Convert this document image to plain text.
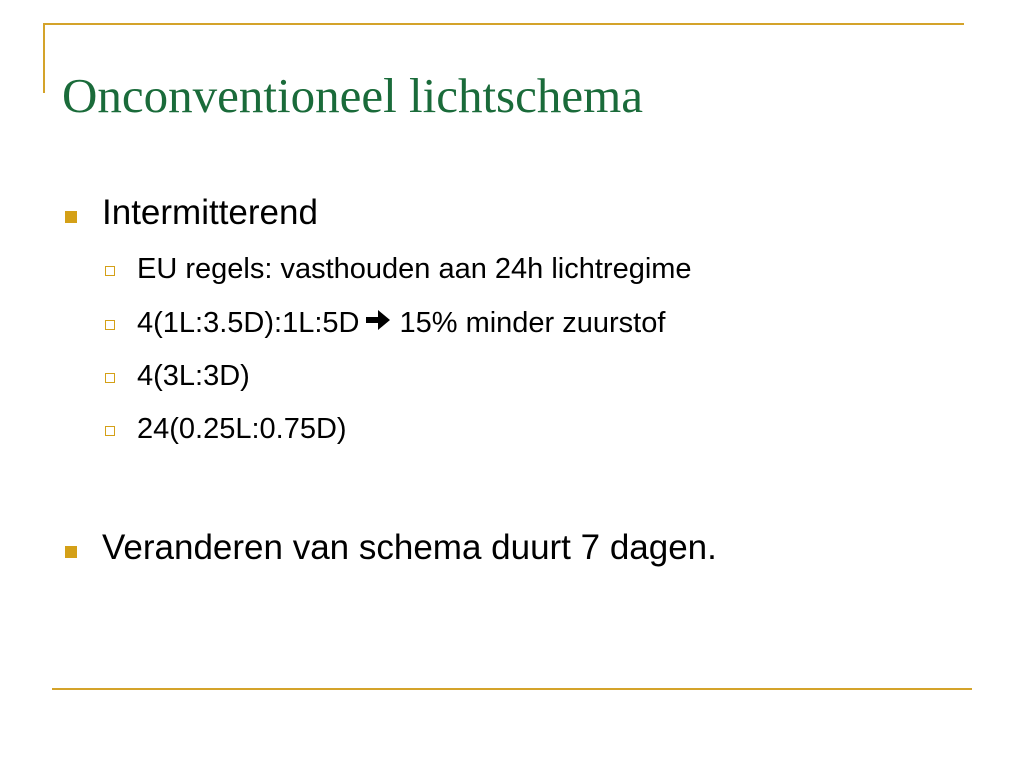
Onconventioneel lichtschema
Intermitterend
EU regels: vasthouden aan 24h lichtregime
4(1L:3.5D):1L:5D 15% minder zuurstof
4(3L:3D)
24(0.25L:0.75D)
Veranderen van schema duurt 7 dagen.
